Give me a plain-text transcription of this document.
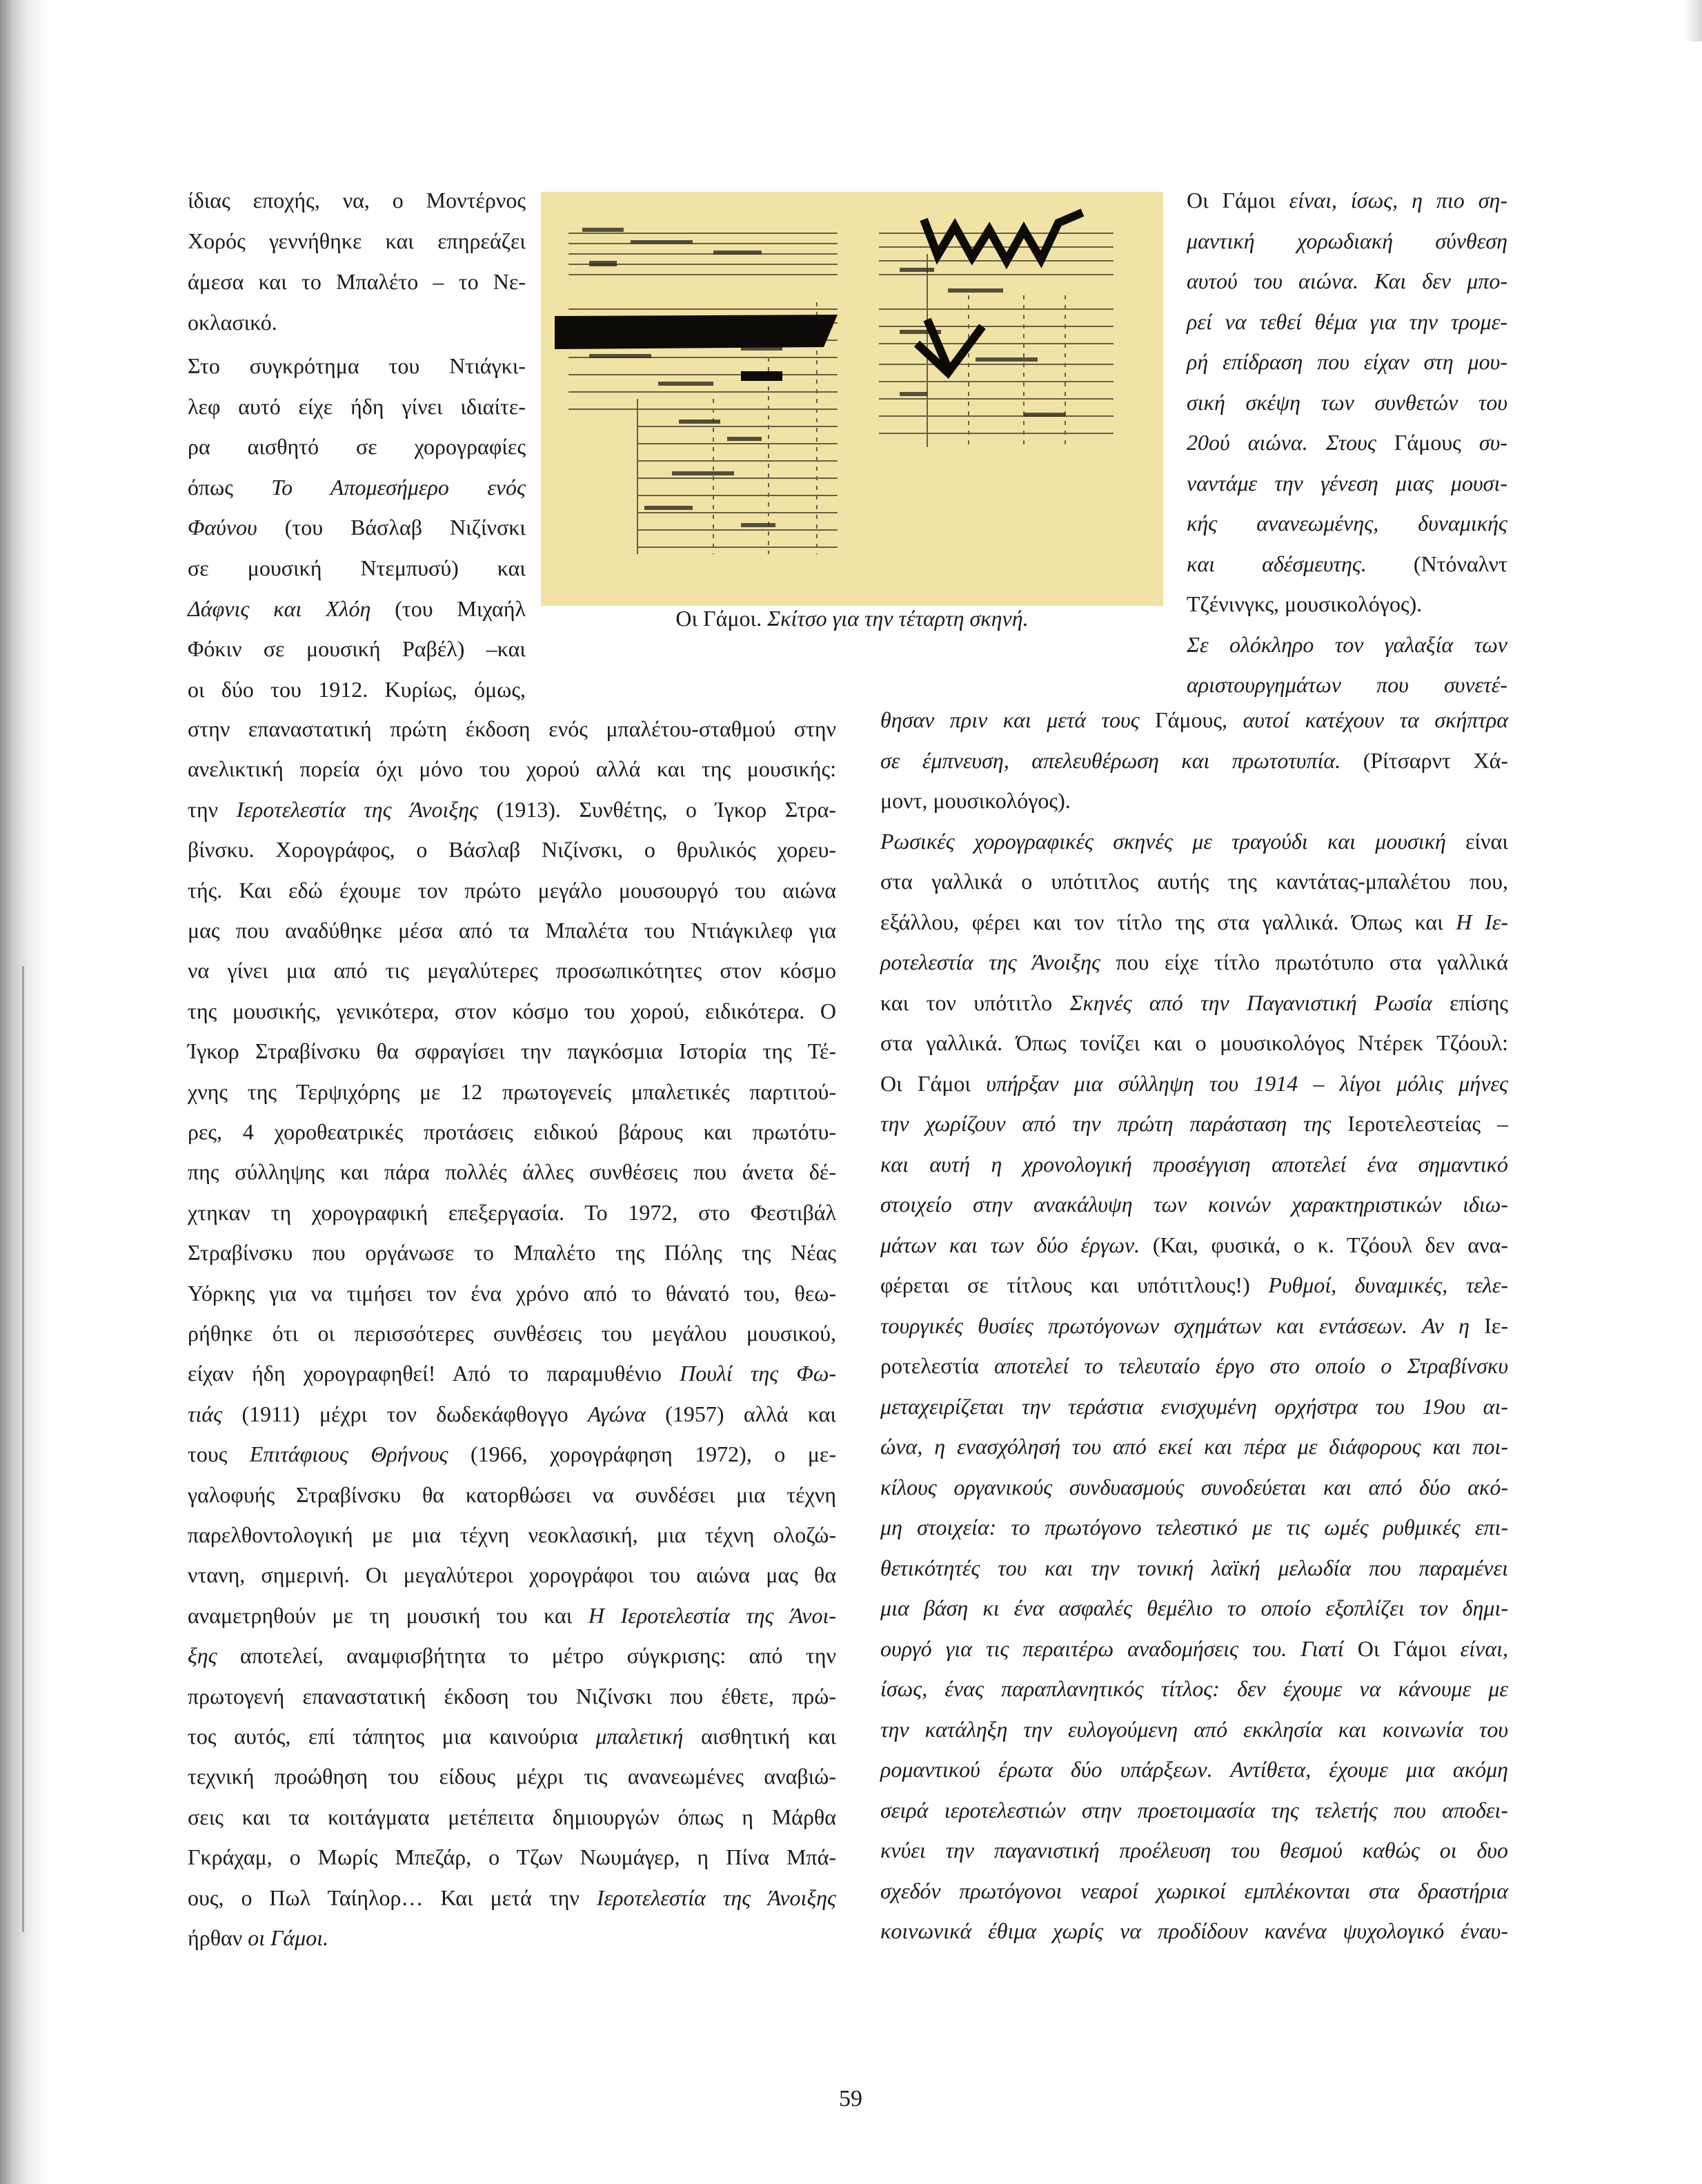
ίδιας εποχής, να, ο Μοντέρνος
Χορός γεννήθηκε και επηρεάζει
άμεσα και το Μπαλέτο – το Νε-
οκλασικό.
Στο συγκρότημα του Ντιάγκι-
λεφ αυτό είχε ήδη γίνει ιδιαίτε-
ρα αισθητό σε χορογραφίες
όπως Το Απομεσήμερο ενός
Φαύνου (του Βάσλαβ Νιζίνσκι
σε μουσική Ντεμπυσύ) και
Δάφνις και Χλόη (του Μιχαήλ
Φόκιν σε μουσική Ραβέλ) –και
οι δύο του 1912. Κυρίως, όμως,
στην επαναστατική πρώτη έκδοση ενός μπαλέτου-σταθμού στην
ανελικτική πορεία όχι μόνο του χορού αλλά και της μουσικής:
την Ιεροτελεστία της Άνοιξης (1913). Συνθέτης, ο Ίγκορ Στρα-
βίνσκυ. Χορογράφος, ο Βάσλαβ Νιζίνσκι, ο θρυλικός χορευ-
τής. Και εδώ έχουμε τον πρώτο μεγάλο μουσουργό του αιώνα
μας που αναδύθηκε μέσα από τα Μπαλέτα του Ντιάγκιλεφ για
να γίνει μια από τις μεγαλύτερες προσωπικότητες στον κόσμο
της μουσικής, γενικότερα, στον κόσμο του χορού, ειδικότερα. Ο
Ίγκορ Στραβίνσκυ θα σφραγίσει την παγκόσμια Ιστορία της Τέ-
χνης της Τερψιχόρης με 12 πρωτογενείς μπαλετικές παρτιτού-
ρες, 4 χοροθεατρικές προτάσεις ειδικού βάρους και πρωτότυ-
πης σύλληψης και πάρα πολλές άλλες συνθέσεις που άνετα δέ-
χτηκαν τη χορογραφική επεξεργασία. Το 1972, στο Φεστιβάλ
Στραβίνσκυ που οργάνωσε το Μπαλέτο της Πόλης της Νέας
Υόρκης για να τιμήσει τον ένα χρόνο από το θάνατό του, θεω-
ρήθηκε ότι οι περισσότερες συνθέσεις του μεγάλου μουσικού,
είχαν ήδη χορογραφηθεί! Από το παραμυθένιο Πουλί της Φω-
τιάς (1911) μέχρι τον δωδεκάφθογγο Αγώνα (1957) αλλά και
τους Επιτάφιους Θρήνους (1966, χορογράφηση 1972), ο με-
γαλοφυής Στραβίνσκυ θα κατορθώσει να συνδέσει μια τέχνη
παρελθοντολογική με μια τέχνη νεοκλασική, μια τέχνη ολοζώ-
ντανη, σημερινή. Οι μεγαλύτεροι χορογράφοι του αιώνα μας θα
αναμετρηθούν με τη μουσική του και Η Ιεροτελεστία της Άνοι-
ξης αποτελεί, αναμφισβήτητα το μέτρο σύγκρισης: από την
πρωτογενή επαναστατική έκδοση του Νιζίνσκι που έθετε, πρώ-
τος αυτός, επί τάπητος μια καινούρια μπαλετική αισθητική και
τεχνική προώθηση του είδους μέχρι τις ανανεωμένες αναβιώ-
σεις και τα κοιτάγματα μετέπειτα δημιουργών όπως η Μάρθα
Γκράχαμ, ο Μωρίς Μπεζάρ, ο Τζων Νωυμάγερ, η Πίνα Μπά-
ους, ο Πωλ Ταίηλορ… Και μετά την Ιεροτελεστία της Άνοιξης
ήρθαν οι Γάμοι.
Οι Γάμοι είναι, ίσως, η πιο ση-
μαντική χορωδιακή σύνθεση
αυτού του αιώνα. Και δεν μπο-
ρεί να τεθεί θέμα για την τρομε-
ρή επίδραση που είχαν στη μου-
σική σκέψη των συνθετών του
20ού αιώνα. Στους Γάμους συ-
ναντάμε την γένεση μιας μουσι-
κής ανανεωμένης, δυναμικής
και αδέσμευτης. (Ντόναλντ
Τζένινγκς, μουσικολόγος).
Σε ολόκληρο τον γαλαξία των
αριστουργημάτων που συνετέ-
θησαν πριν και μετά τους Γάμους, αυτοί κατέχουν τα σκήπτρα
σε έμπνευση, απελευθέρωση και πρωτοτυπία. (Ρίτσαρντ Χά-
μοντ, μουσικολόγος).
Ρωσικές χορογραφικές σκηνές με τραγούδι και μουσική είναι
στα γαλλικά ο υπότιτλος αυτής της καντάτας-μπαλέτου που,
εξάλλου, φέρει και τον τίτλο της στα γαλλικά. Όπως και Η Ιε-
ροτελεστία της Άνοιξης που είχε τίτλο πρωτότυπο στα γαλλικά
και τον υπότιτλο Σκηνές από την Παγανιστική Ρωσία επίσης
στα γαλλικά. Όπως τονίζει και ο μουσικολόγος Ντέρεκ Τζόουλ:
Οι Γάμοι υπήρξαν μια σύλληψη του 1914 – λίγοι μόλις μήνες
την χωρίζουν από την πρώτη παράσταση της Ιεροτελεστείας –
και αυτή η χρονολογική προσέγγιση αποτελεί ένα σημαντικό
στοιχείο στην ανακάλυψη των κοινών χαρακτηριστικών ιδιω-
μάτων και των δύο έργων. (Και, φυσικά, ο κ. Τζόουλ δεν ανα-
φέρεται σε τίτλους και υπότιτλους!) Ρυθμοί, δυναμικές, τελε-
τουργικές θυσίες πρωτόγονων σχημάτων και εντάσεων. Αν η Ιε-
ροτελεστία αποτελεί το τελευταίο έργο στο οποίο ο Στραβίνσκυ
μεταχειρίζεται την τεράστια ενισχυμένη ορχήστρα του 19ου αι-
ώνα, η ενασχόλησή του από εκεί και πέρα με διάφορους και ποι-
κίλους οργανικούς συνδυασμούς συνοδεύεται και από δύο ακό-
μη στοιχεία: το πρωτόγονο τελεστικό με τις ωμές ρυθμικές επι-
θετικότητές του και την τονική λαϊκή μελωδία που παραμένει
μια βάση κι ένα ασφαλές θεμέλιο το οποίο εξοπλίζει τον δημι-
ουργό για τις περαιτέρω αναδομήσεις του. Γιατί Οι Γάμοι είναι,
ίσως, ένας παραπλανητικός τίτλος: δεν έχουμε να κάνουμε με
την κατάληξη την ευλογούμενη από εκκλησία και κοινωνία του
ρομαντικού έρωτα δύο υπάρξεων. Αντίθετα, έχουμε μια ακόμη
σειρά ιεροτελεστιών στην προετοιμασία της τελετής που αποδει-
κνύει την παγανιστική προέλευση του θεσμού καθώς οι δυο
σχεδόν πρωτόγονοι νεαροί χωρικοί εμπλέκονται στα δραστήρια
κοινωνικά έθιμα χωρίς να προδίδουν κανένα ψυχολογικό έναυ-
Οι Γάμοι. Σκίτσο για την τέταρτη σκηνή.
59
